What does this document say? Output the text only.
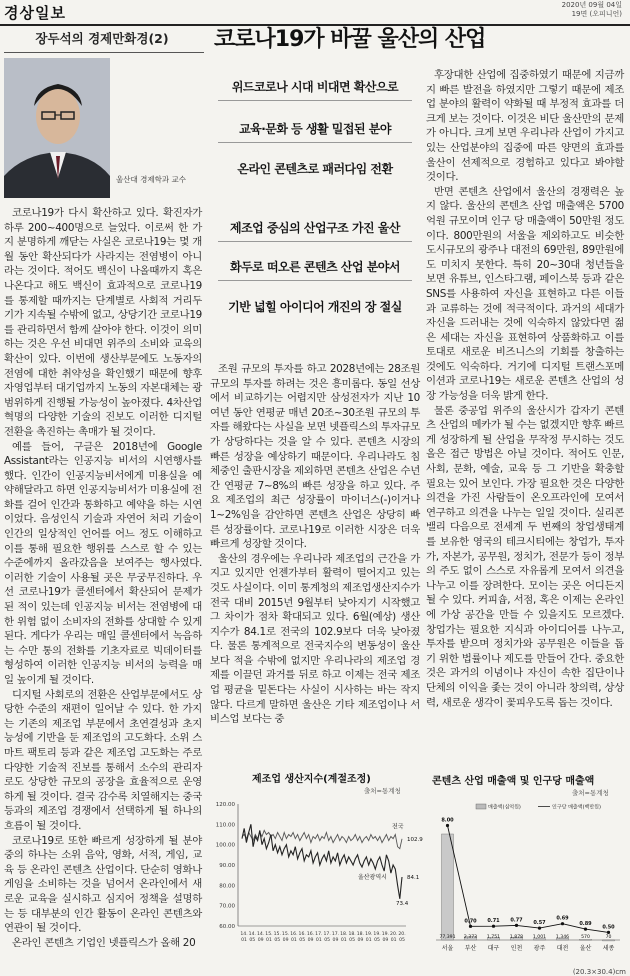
경상일보	2020년 09월 04일
19면 (오피니언)
장두석의 경제만화경(2)	코로나19가 바꿀 울산의 산업
울산대 경제학과 교수
위드코로나 시대 비대면 확산으로
교육·문화 등 생활 밀접된 분야
온라인 콘텐츠로 패러다임 전환
제조업 중심의 산업구조 가진 울산
화두로 떠오른 콘텐츠 산업 분야서
기반 넓힐 아이디어 개진의 장 절실

코로나19가 다시 확산하고 있다. 확진자가 하루 200~400명으로 늘었다. 이로써 한 가지 분명하게 깨닫는 사실은 코로나19는 몇 개월 동안 확산되다가 사라지는 전염병이 아니라는 것이다. 적어도 백신이 나올때까지 혹은 나온다고 해도 백신이 효과적으로 코로나19를 통제할 때까지는 단계별로 사회적 거리두기가 지속될 수밖에 없고, 상당기간 코로나19를 관리하면서 함께 살아야 한다. 이것이 의미하는 것은 우선 비대면 위주의 소비와 교육의 확산이 있다. 이번에 생산부문에도 노동자의 전염에 대한 취약성을 확인했기 때문에 향후 자영업부터 대기업까지 노동의 자본대체는 광범위하게 진행될 가능성이 높아졌다. 4차산업혁명의 다양한 기술의 진보도 이러한 디지털 전환을 촉진하는 촉매가 될 것이다.

예를 들어, 구글은 2018년에 Google Assistant라는 인공지능 비서의 시연행사를 했다. 인간이 인공지능비서에게 미용실을 예약해달라고 하면 인공지능비서가 미용실에 전화를 걸어 인간과 통화하고 예약을 하는 시연이었다. 음성인식 기술과 자연어 처리 기술이 인간의 일상적인 언어를 어느 정도 이해하고 이를 통해 필요한 행위를 스스로 할 수 있는 수준에까지 올라갔음을 보여주는 행사였다. 이러한 기술이 사용될 곳은 무궁무진하다. 우선 코로나19가 콜센터에서 확산되어 문제가 된 적이 있는데 인공지능 비서는 전염병에 대한 위험 없이 소비자의 전화를 상대할 수 있게 된다. 게다가 우리는 매일 콜센터에서 녹음하는 수만 통의 전화를 기초자료로 빅데이터를 형성하여 이러한 인공지능 비서의 능력을 매일 높이게 될 것이다.

디지털 사회로의 전환은 산업부문에서도 상당한 수준의 재편이 일어날 수 있다. 한 가지는 기존의 제조업 부문에서 초연결성과 초지능성에 기반을 둔 제조업의 고도화다. 소위 스마트 팩토리 등과 같은 제조업 고도화는 주로 다양한 기술적 진보를 통해서 소수의 관리자로도 상당한 규모의 공장을 효율적으로 운영하게 될 것이다. 결국 감수록 치열해지는 중국 등과의 제조업 경쟁에서 선택하게 될 하나의 흐름이 될 것이다.

코로나19로 또한 빠르게 성장하게 될 분야 중의 하나는 소위 음악, 영화, 서적, 게임, 교육 등 온라인 콘텐츠 산업이다. 단순히 영화나 게임을 소비하는 것을 넘어서 온라인에서 새로운 교육을 실시하고 심지어 정책을 설명하는 등 대부분의 인간 활동이 온라인 콘텐츠와 연관이 될 것이다.

온라인 콘텐츠 기업인 넷플릭스가 올해 20

조원 규모의 투자를 하고 2028년에는 28조원 규모의 투자를 하려는 것은 흥미롭다. 동일 선상에서 비교하기는 어렵지만 삼성전자가 지난 10여년 동안 연평균 매년 20조~30조원 규모의 투자를 해왔다는 사실을 보면 넷플릭스의 투자규모가 상당하다는 것을 알 수 있다. 콘텐츠 시장의 빠른 성장을 예상하기 때문이다. 우리나라도 침체중인 출판시장을 제외하면 콘텐츠 산업은 수년 간 연평균 7~8%의 빠른 성장을 하고 있다. 주요 제조업의 최근 성장률이 마이너스(-)이거나 1~2%임을 감안하면 콘텐츠 산업은 상당히 빠른 성장률이다. 코로나19로 이러한 시장은 더욱 빠르게 성장할 것이다.

울산의 경우에는 우리나라 제조업의 근간을 가지고 있지만 언젠가부터 활력이 떨어지고 있는 것도 사실이다. 이미 통계청의 제조업생산지수가 전국 대비 2015년 9월부터 낮아지기 시작했고 그 차이가 점차 확대되고 있다. 6월(예상) 생산지수가 84.1로 전국의 102.9보다 더욱 낮아졌다. 물론 통계적으로 전국지수의 변동성이 울산보다 적을 수밖에 없지만 우리나라의 제조업 경제를 이끌던 과거를 뒤로 하고 이제는 전국 제조업 평균을 밑돈다는 사실이 시사하는 바는 작지 않다. 다르게 말하면 울산은 기타 제조업이나 서비스업 보다는 중

후장대한 산업에 집중하였기 때문에 지금까지 빠른 발전을 하였지만 그렇기 때문에 제조업 분야의 활력이 약화될 때 부정적 효과를 더 크게 보는 것이다. 이것은 비단 울산만의 문제가 아니다. 크게 보면 우리나라 산업이 가지고 있는 산업분야의 집중에 따른 양면의 효과를 울산이 선제적으로 경험하고 있다고 봐야할 것이다.

반면 콘텐츠 산업에서 울산의 경쟁력은 높지 않다. 울산의 콘텐츠 산업 매출액은 5700억원 규모이며 인구 당 매출액이 50만원 정도이다. 800만원의 서울을 제외하고도 비슷한 도시규모의 광주나 대전의 69만원, 89만원에도 미치지 못한다. 특히 20~30대 청년들을 보면 유튜브, 인스타그램, 페이스북 등과 같은 SNS를 사용하여 자신을 표현하고 다른 이들과 교류하는 것에 적극적이다. 과거의 세대가 자신을 드러내는 것에 익숙하지 않았다면 젊은 세대는 자신을 표현하여 상품화하고 이를 토대로 새로운 비즈니스의 기회를 창출하는 것에도 익숙하다. 거기에 디지털 트랜스포메이션과 코로나19는 새로운 콘텐츠 산업의 성장 가능성을 더욱 밝게 한다.

물론 중공업 위주의 울산시가 갑자기 콘텐츠 산업의 메카가 될 수는 없겠지만 향후 빠르게 성장하게 될 산업을 무작정 무시하는 것도 올은 접근 방법은 아닐 것이다. 적어도 인문, 사회, 문화, 예술, 교육 등 그 기반을 확충할 필요는 있어 보인다. 가장 필요한 것은 다양한 의견을 가진 사람들이 온오프라인에 모여서 연구하고 의견을 나누는 일일 것이다. 실리콘 밸리 다음으로 전세계 두 번째의 창업생태계를 보유한 영국의 테크시티에는 창업가, 투자가, 자본가, 공무원, 정치가, 전문가 등이 정부의 주도 없이 스스로 자유롭게 모여서 의견을 나누고 이를 장려한다. 모이는 곳은 어디든지 될 수 있다. 커피숍, 서점, 혹은 이제는 온라인에 가상 공간을 만들 수 있을지도 모르겠다. 창업가는 필요한 지식과 아이디어를 나누고, 투자를 받으며 정치가와 공무원은 이들을 돕기 위한 법률이나 제도를 만들어 간다. 중요한 것은 과거의 이념이나 자신이 속한 집단이나 단체의 이익을 좇는 것이 아니라 창의력, 상상력, 새로운 생각이 꽃피우도록 돕는 것이다.

제조업 생산지수(계절조정)
출처=통계청
60.00
70.00
80.00
90.00
100.00
110.00
120.00
14.
01
14.
05
14.
09
15.
01
15.
05
15.
09
16.
01
16.
05
16.
09
17.
01
17.
05
17.
09
18.
01
18.
05
18.
09
19.
01
19.
05
19.
09
20.
01
20.
05
전국
울산광역시
102.9
84.1
73.4
콘텐츠 산업 매출액 및 인구당 매출액
출처=통계청
매출액(십억원)	인구당 매출액(백만원)
77,391
서울
2,373
부산
1,751
대구
1,878
인천
1,001
광주
1,346
대전
570
울산
70
세종
8.00
0.70 0.71 0.77 0.57
0.69
0.89
0.50
(20.3×30.4)cm
